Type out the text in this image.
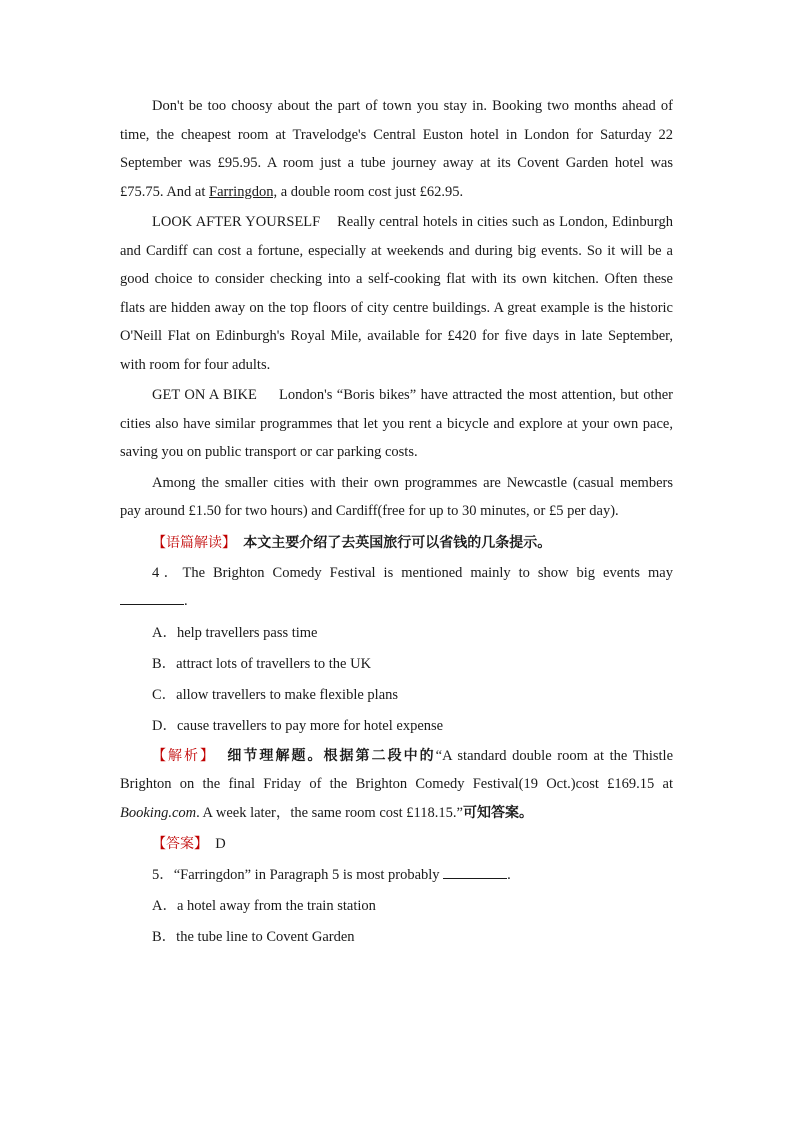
Don't be too choosy about the part of town you stay in. Booking two months ahead of time, the cheapest room at Travelodge's Central Euston hotel in London for Saturday 22 September was £95.95. A room just a tube journey away at its Covent Garden hotel was £75.75. And at Farringdon, a double room cost just £62.95.

LOOK AFTER YOURSELF Really central hotels in cities such as London, Edinburgh and Cardiff can cost a fortune, especially at weekends and during big events. So it will be a good choice to consider checking into a self-cooking flat with its own kitchen. Often these flats are hidden away on the top floors of city centre buildings. A great example is the historic O'Neill Flat on Edinburgh's Royal Mile, available for £420 for five days in late September, with room for four adults.

GET ON A BIKE London's “Boris bikes” have attracted the most attention, but other cities also have similar programmes that let you rent a bicycle and explore at your own pace, saving you on public transport or car parking costs.

Among the smaller cities with their own programmes are Newcastle (casual members pay around £1.50 for two hours) and Cardiff(free for up to 30 minutes, or £5 per day).

【语篇解读】 本文主要介绍了去英国旅行可以省钱的几条提示。

4．The Brighton Comedy Festival is mentioned mainly to show big events may.

A．help travellers pass time

B．attract lots of travellers to the UK

C．allow travellers to make flexible plans

D．cause travellers to pay more for hotel expense

【解析】 细节理解题。根据第二段中的“A standard double room at the Thistle Brighton on the final Friday of the Brighton Comedy Festival(19 Oct.)cost £169.15 at Booking.com. A week later，the same room cost £118.15.”可知答案。

【答案】 D

5．“Farringdon” in Paragraph 5 is most probably	.

A．a hotel away from the train station

B．the tube line to Covent Garden
